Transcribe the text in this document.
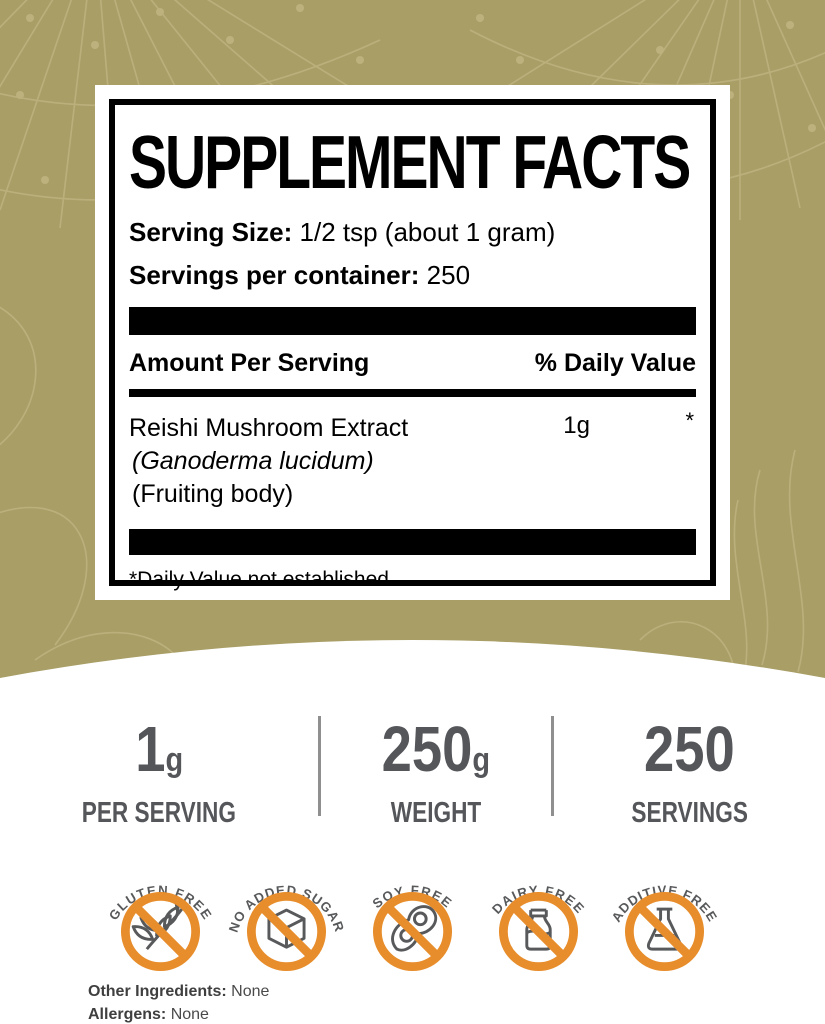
SUPPLEMENT FACTS
Serving Size: 1/2 tsp (about 1 gram)
Servings per container: 250
Amount Per Serving	% Daily Value
Reishi Mushroom Extract
(Ganoderma lucidum)
(Fruiting body)
1g	*
*Daily Value not established.
1g
PER SERVING
250g
WEIGHT
250
SERVINGS
GLUTEN FREE
NO ADDED SUGAR
SOY FREE DAIRY FREE ADDITIVE FREE
Other Ingredients: None
Allergens: None
